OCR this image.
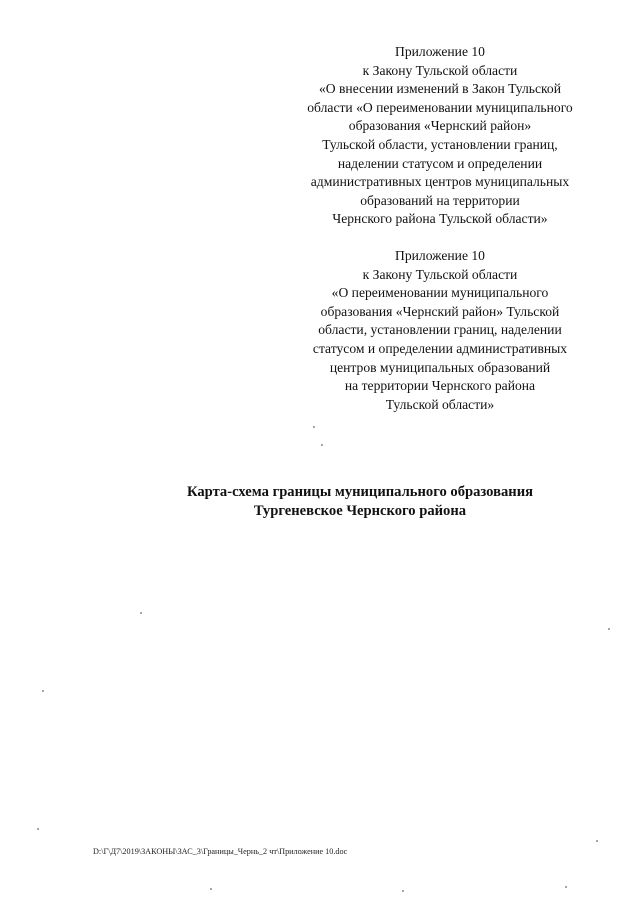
Приложение 10
к Закону Тульской области
«О внесении изменений в Закон Тульской
области «О переименовании муниципального
образования «Чернский район»
Тульской области, установлении границ,
наделении статусом и определении
административных центров муниципальных
образований на территории
Чернского района Тульской области»
Приложение 10
к Закону Тульской области
«О переименовании муниципального
образования «Чернский район» Тульской
области, установлении границ, наделении
статусом и определении административных
центров муниципальных образований
на территории Чернского района
Тульской области»
Карта-схема границы муниципального образования
Тургеневское Чернского района
D:\Г\Д7\2019\ЗАКОНЫ\ЗАС_3\Границы_Чернь_2 чт\Приложение 10.doc
